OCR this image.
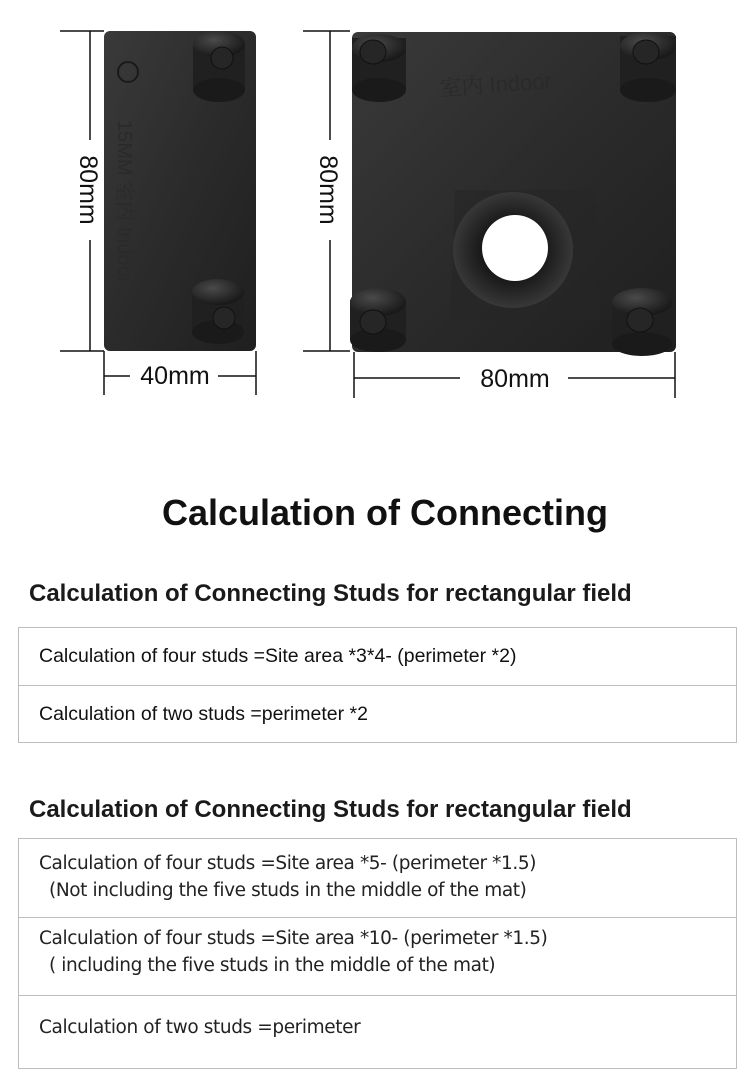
80mm
40mm
室内 Indoor
15MM 室内 Indoor	80mm
80mm
Calculation of Connecting
Calculation of Connecting Studs for rectangular field
Calculation of four studs =Site area *3*4- (perimeter *2)
Calculation of two studs =perimeter *2
Calculation of Connecting Studs for rectangular field
Calculation of four studs =Site area *5- (perimeter *1.5)
(Not including the five studs in the middle of the mat)
Calculation of four studs =Site area *10- (perimeter *1.5)
( including the five studs in the middle of the mat)
Calculation of two studs =perimeter
